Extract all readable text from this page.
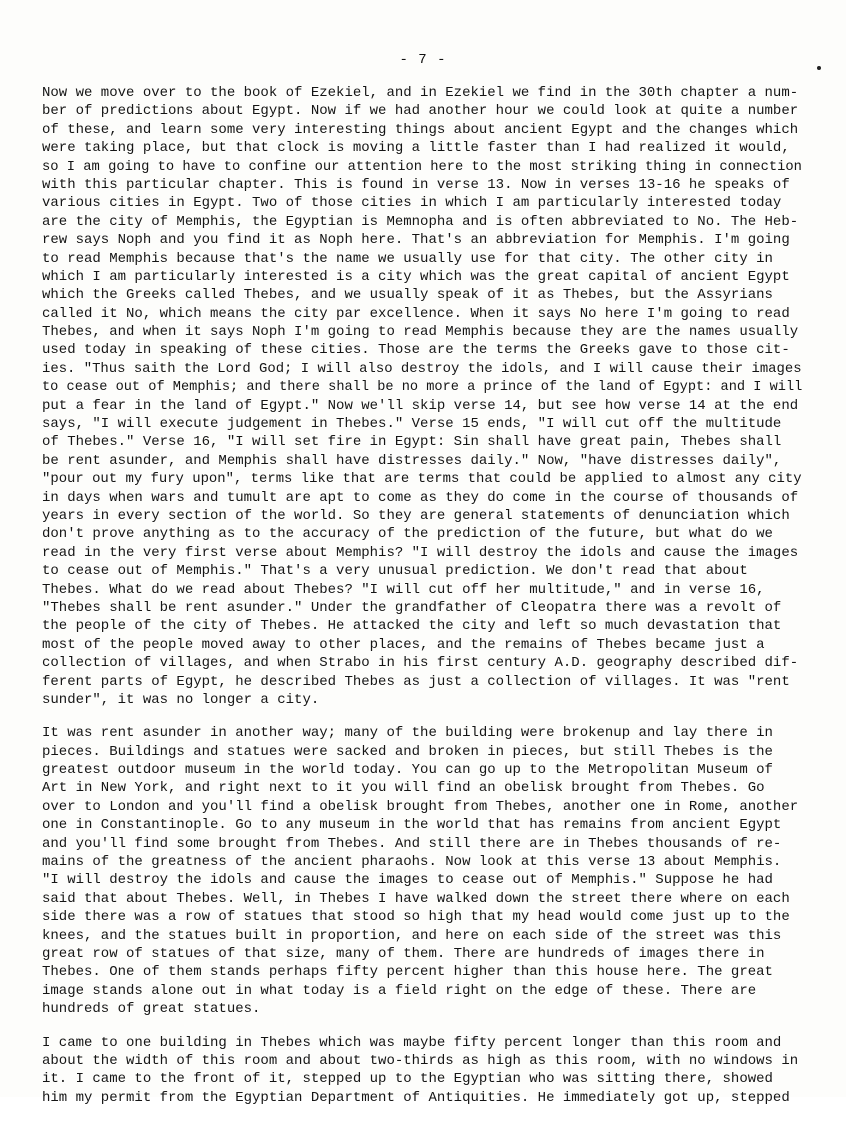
- 7 -
Now we move over to the book of Ezekiel, and in Ezekiel we find in the 30th chapter a num-
ber of predictions about Egypt. Now if we had another hour we could look at quite a number
of these, and learn some very interesting things about ancient Egypt and the changes which
were taking place, but that clock is moving a little faster than I had realized it would,
so I am going to have to confine our attention here to the most striking thing in connection
with this particular chapter. This is found in verse 13. Now in verses 13-16 he speaks of
various cities in Egypt. Two of those cities in which I am particularly interested today
are the city of Memphis, the Egyptian is Memnopha and is often abbreviated to No. The Heb-
rew says Noph and you find it as Noph here. That's an abbreviation for Memphis. I'm going
to read Memphis because that's the name we usually use for that city. The other city in
which I am particularly interested is a city which was the great capital of ancient Egypt
which the Greeks called Thebes, and we usually speak of it as Thebes, but the Assyrians
called it No, which means the city par excellence. When it says No here I'm going to read
Thebes, and when it says Noph I'm going to read Memphis because they are the names usually
used today in speaking of these cities. Those are the terms the Greeks gave to those cit-
ies. "Thus saith the Lord God; I will also destroy the idols, and I will cause their images
to cease out of Memphis; and there shall be no more a prince of the land of Egypt: and I will
put a fear in the land of Egypt." Now we'll skip verse 14, but see how verse 14 at the end
says, "I will execute judgement in Thebes." Verse 15 ends, "I will cut off the multitude
of Thebes." Verse 16, "I will set fire in Egypt: Sin shall have great pain, Thebes shall
be rent asunder, and Memphis shall have distresses daily." Now, "have distresses daily",
"pour out my fury upon", terms like that are terms that could be applied to almost any city
in days when wars and tumult are apt to come as they do come in the course of thousands of
years in every section of the world. So they are general statements of denunciation which
don't prove anything as to the accuracy of the prediction of the future, but what do we
read in the very first verse about Memphis? "I will destroy the idols and cause the images
to cease out of Memphis." That's a very unusual prediction. We don't read that about
Thebes. What do we read about Thebes? "I will cut off her multitude," and in verse 16,
"Thebes shall be rent asunder." Under the grandfather of Cleopatra there was a revolt of
the people of the city of Thebes. He attacked the city and left so much devastation that
most of the people moved away to other places, and the remains of Thebes became just a
collection of villages, and when Strabo in his first century A.D. geography described dif-
ferent parts of Egypt, he described Thebes as just a collection of villages. It was "rent
sunder", it was no longer a city.
It was rent asunder in another way; many of the building were brokenup and lay there in
pieces. Buildings and statues were sacked and broken in pieces, but still Thebes is the
greatest outdoor museum in the world today. You can go up to the Metropolitan Museum of
Art in New York, and right next to it you will find an obelisk brought from Thebes. Go
over to London and you'll find a obelisk brought from Thebes, another one in Rome, another
one in Constantinople. Go to any museum in the world that has remains from ancient Egypt
and you'll find some brought from Thebes. And still there are in Thebes thousands of re-
mains of the greatness of the ancient pharaohs. Now look at this verse 13 about Memphis.
"I will destroy the idols and cause the images to cease out of Memphis." Suppose he had
said that about Thebes. Well, in Thebes I have walked down the street there where on each
side there was a row of statues that stood so high that my head would come just up to the
knees, and the statues built in proportion, and here on each side of the street was this
great row of statues of that size, many of them. There are hundreds of images there in
Thebes. One of them stands perhaps fifty percent higher than this house here. The great
image stands alone out in what today is a field right on the edge of these. There are
hundreds of great statues.
I came to one building in Thebes which was maybe fifty percent longer than this room and
about the width of this room and about two-thirds as high as this room, with no windows in
it. I came to the front of it, stepped up to the Egyptian who was sitting there, showed
him my permit from the Egyptian Department of Antiquities. He immediately got up, stepped
